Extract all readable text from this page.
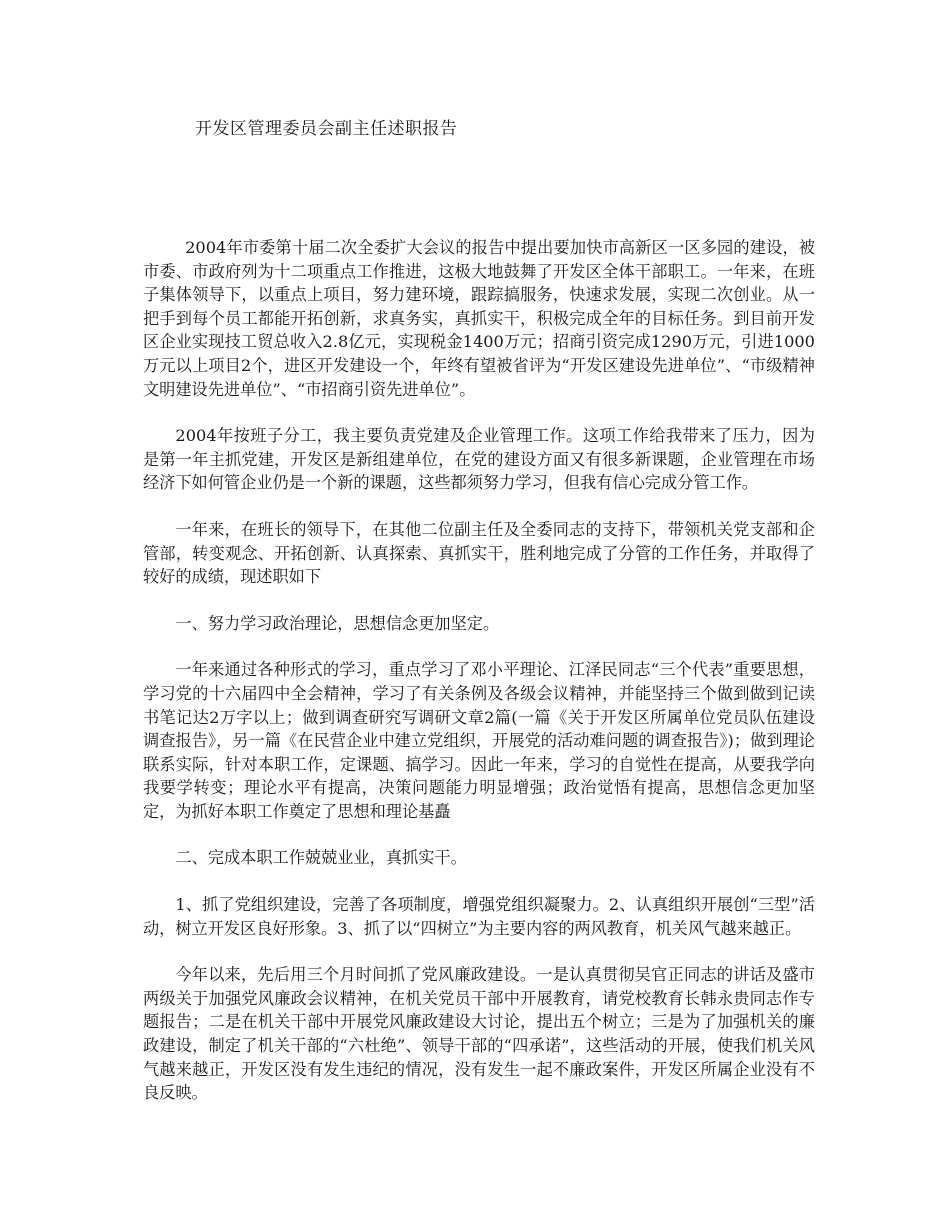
开发区管理委员会副主任述职报告

2004年市委第十届二次全委扩大会议的报告中提出要加快市高新区一区多园的建设，被市委、市政府列为十二项重点工作推进，这极大地鼓舞了开发区全体干部职工。一年来，在班子集体领导下，以重点上项目，努力建环境，跟踪搞服务，快速求发展，实现二次创业。从一把手到每个员工都能开拓创新，求真务实，真抓实干，积极完成全年的目标任务。到目前开发区企业实现技工贸总收入2.8亿元，实现税金1400万元；招商引资完成1290万元，引进1000万元以上项目2个，进区开发建设一个，年终有望被省评为“开发区建设先进单位”、“市级精神文明建设先进单位”、“市招商引资先进单位”。

2004年按班子分工，我主要负责党建及企业管理工作。这项工作给我带来了压力，因为是第一年主抓党建，开发区是新组建单位，在党的建设方面又有很多新课题，企业管理在市场经济下如何管企业仍是一个新的课题，这些都须努力学习，但我有信心完成分管工作。

一年来，在班长的领导下，在其他二位副主任及全委同志的支持下，带领机关党支部和企管部，转变观念、开拓创新、认真探索、真抓实干，胜利地完成了分管的工作任务，并取得了较好的成绩，现述职如下

一、努力学习政治理论，思想信念更加坚定。

一年来通过各种形式的学习，重点学习了邓小平理论、江泽民同志“三个代表”重要思想，学习党的十六届四中全会精神，学习了有关条例及各级会议精神，并能坚持三个做到做到记读书笔记达2万字以上；做到调查研究写调研文章2篇(一篇《关于开发区所属单位党员队伍建设调查报告》，另一篇《在民营企业中建立党组织，开展党的活动难问题的调查报告》)；做到理论联系实际，针对本职工作，定课题、搞学习。因此一年来，学习的自觉性在提高，从要我学向我要学转变；理论水平有提高，决策问题能力明显增强；政治觉悟有提高，思想信念更加坚定，为抓好本职工作奠定了思想和理论基矗

二、完成本职工作兢兢业业，真抓实干。

1、抓了党组织建设，完善了各项制度，增强党组织凝聚力。2、认真组织开展创“三型”活动，树立开发区良好形象。3、抓了以“四树立”为主要内容的两风教育，机关风气越来越正。

今年以来，先后用三个月时间抓了党风廉政建设。一是认真贯彻吴官正同志的讲话及盛市两级关于加强党风廉政会议精神，在机关党员干部中开展教育，请党校教育长韩永贵同志作专题报告；二是在机关干部中开展党风廉政建设大讨论，提出五个树立；三是为了加强机关的廉政建设，制定了机关干部的“六杜绝”、领导干部的“四承诺”，这些活动的开展，使我们机关风气越来越正，开发区没有发生违纪的情况，没有发生一起不廉政案件，开发区所属企业没有不良反映。
